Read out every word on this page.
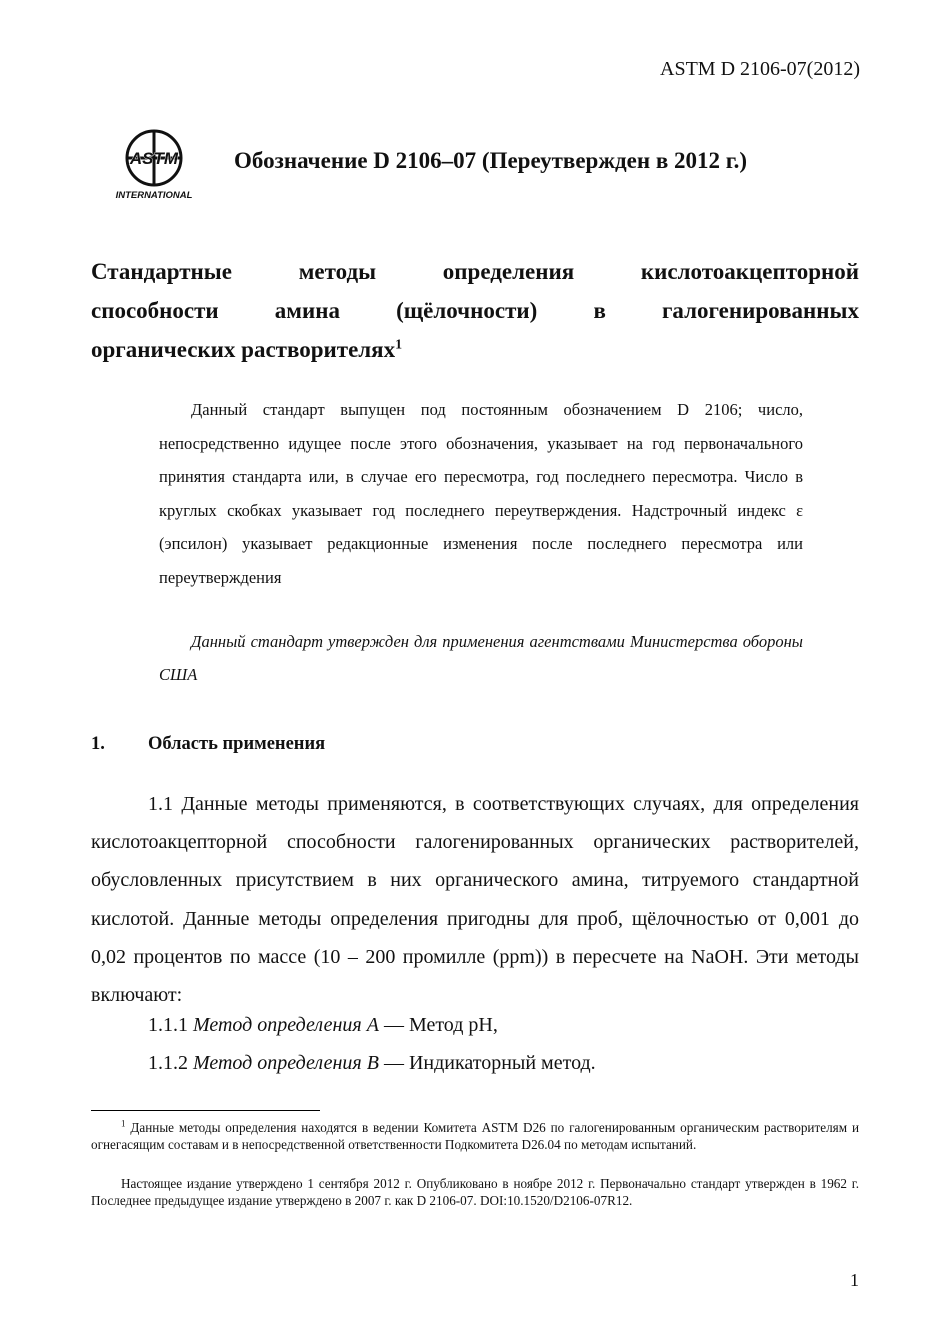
ASTM D 2106-07(2012)
ASTM
INTERNATIONAL
Обозначение D 2106–07 (Переутвержден в 2012 г.)
Стандартные методы определения кислотоакцепторной
способности амина (щёлочности) в галогенированных
органических растворителях$^1$
Данный стандарт выпущен под постоянным обозначением D 2106; число, непосредственно идущее после этого обозначения, указывает на год первоначального принятия стандарта или, в случае его пересмотра, год последнего пересмотра. Число в круглых скобках указывает год последнего переутверждения. Надстрочный индекс ε (эпсилон) указывает редакционные изменения после последнего пересмотра или переутверждения
Данный стандарт утвержден для применения агентствами Министерства обороны США
1. Область применения
1.1 Данные методы применяются, в соответствующих случаях, для определения кислотоакцепторной способности галогенированных органических растворителей, обусловленных присутствием в них органического амина, титруемого стандартной кислотой. Данные методы определения пригодны для проб, щёлочностью от 0,001 до 0,02 процентов по массе (10 – 200 промилле (ppm)) в пересчете на NaOH. Эти методы включают:
1.1.1 Метод определения А — Метод pH,
1.1.2 Метод определения В — Индикаторный метод.
$^1$ Данные методы определения находятся в ведении Комитета ASTM D26 по галогенированным органическим растворителям и огнегасящим составам и в непосредственной ответственности Подкомитета D26.04 по методам испытаний.
Настоящее издание утверждено 1 сентября 2012 г. Опубликовано в ноябре 2012 г. Первоначально стандарт утвержден в 1962 г. Последнее предыдущее издание утверждено в 2007 г. как D 2106-07. DOI:10.1520/D2106-07R12.
1
